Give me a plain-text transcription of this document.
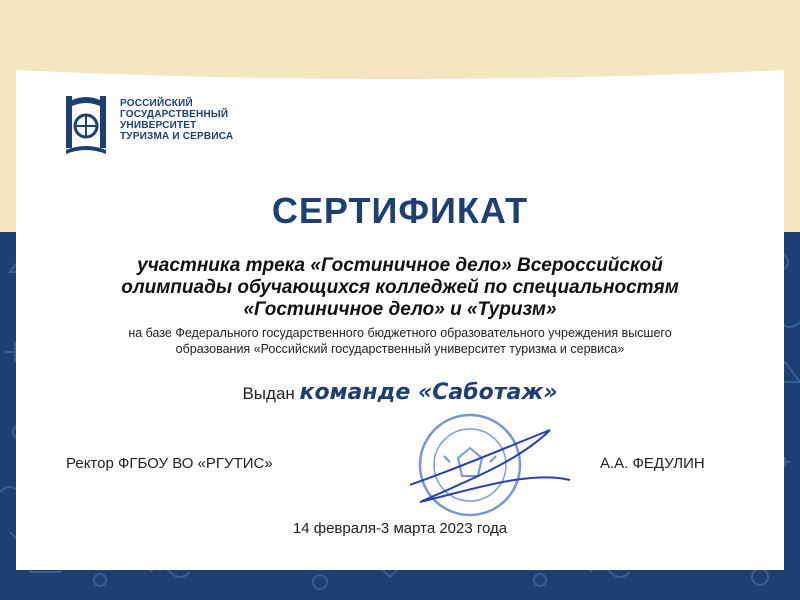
РОССИЙСКИЙ
ГОСУДАРСТВЕННЫЙ
УНИВЕРСИТЕТ
ТУРИЗМА И СЕРВИСА
СЕРТИФИКАТ
участника трека «Гостиничное дело» Всероссийской
олимпиады обучающихся колледжей по специальностям
«Гостиничное дело» и «Туризм»
на базе Федерального государственного бюджетного образовательного учреждения высшего
образования «Российский государственный университет туризма и сервиса»
Выдан команде «Саботаж»
Ректор ФГБОУ ВО «РГУТИС»	А.А. ФЕДУЛИН
14 февраля-3 марта 2023 года
